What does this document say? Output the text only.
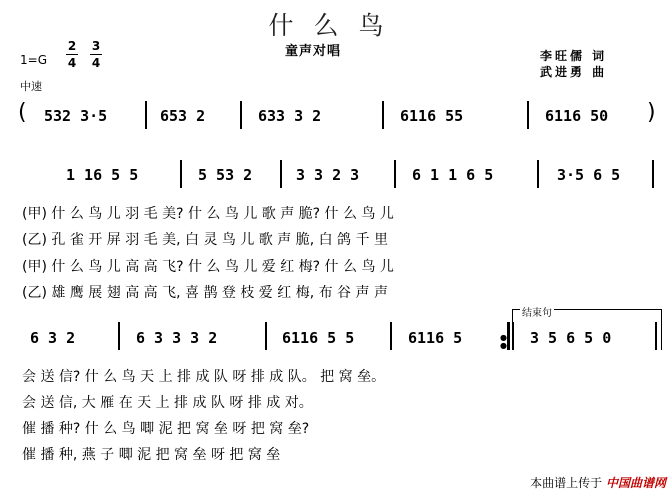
什么鸟
童声对唱
1=G
2
4
3
4
中速
李旺儒 词
武进勇 曲
( 532 3·5	653 2	633 3 2	6116 55	6116 50 )
1 16 5 5	5 53 2	3 3 2 3	6 1 1 6 5	3·5 6 5
(甲) 什 么 鸟 儿 羽 毛 美? 什 么 鸟 儿 歌 声 脆? 什 么 鸟 儿
(乙) 孔 雀 开 屏 羽 毛 美, 白 灵 鸟 儿 歌 声 脆, 白 鸽 千 里
(甲) 什 么 鸟 儿 高 高 飞? 什 么 鸟 儿 爱 红 梅? 什 么 鸟 儿
(乙) 雄 鹰 展 翅 高 高 飞, 喜 鹊 登 枝 爱 红 梅, 布 谷 声 声
6 3 2	6 3 3 3 2	6116 5 5	6116 5	●
●
结束句
3 5 6 5 0
会 送 信? 什 么 鸟 天 上 排 成 队 呀 排 成 队。 把 窝 垒。
会 送 信, 大 雁 在 天 上 排 成 队 呀 排 成 对。
催 播 种? 什 么 鸟 唧 泥 把 窝 垒 呀 把 窝 垒?
催 播 种, 燕 子 唧 泥 把 窝 垒 呀 把 窝 垒
本曲谱上传于 中国曲谱网
